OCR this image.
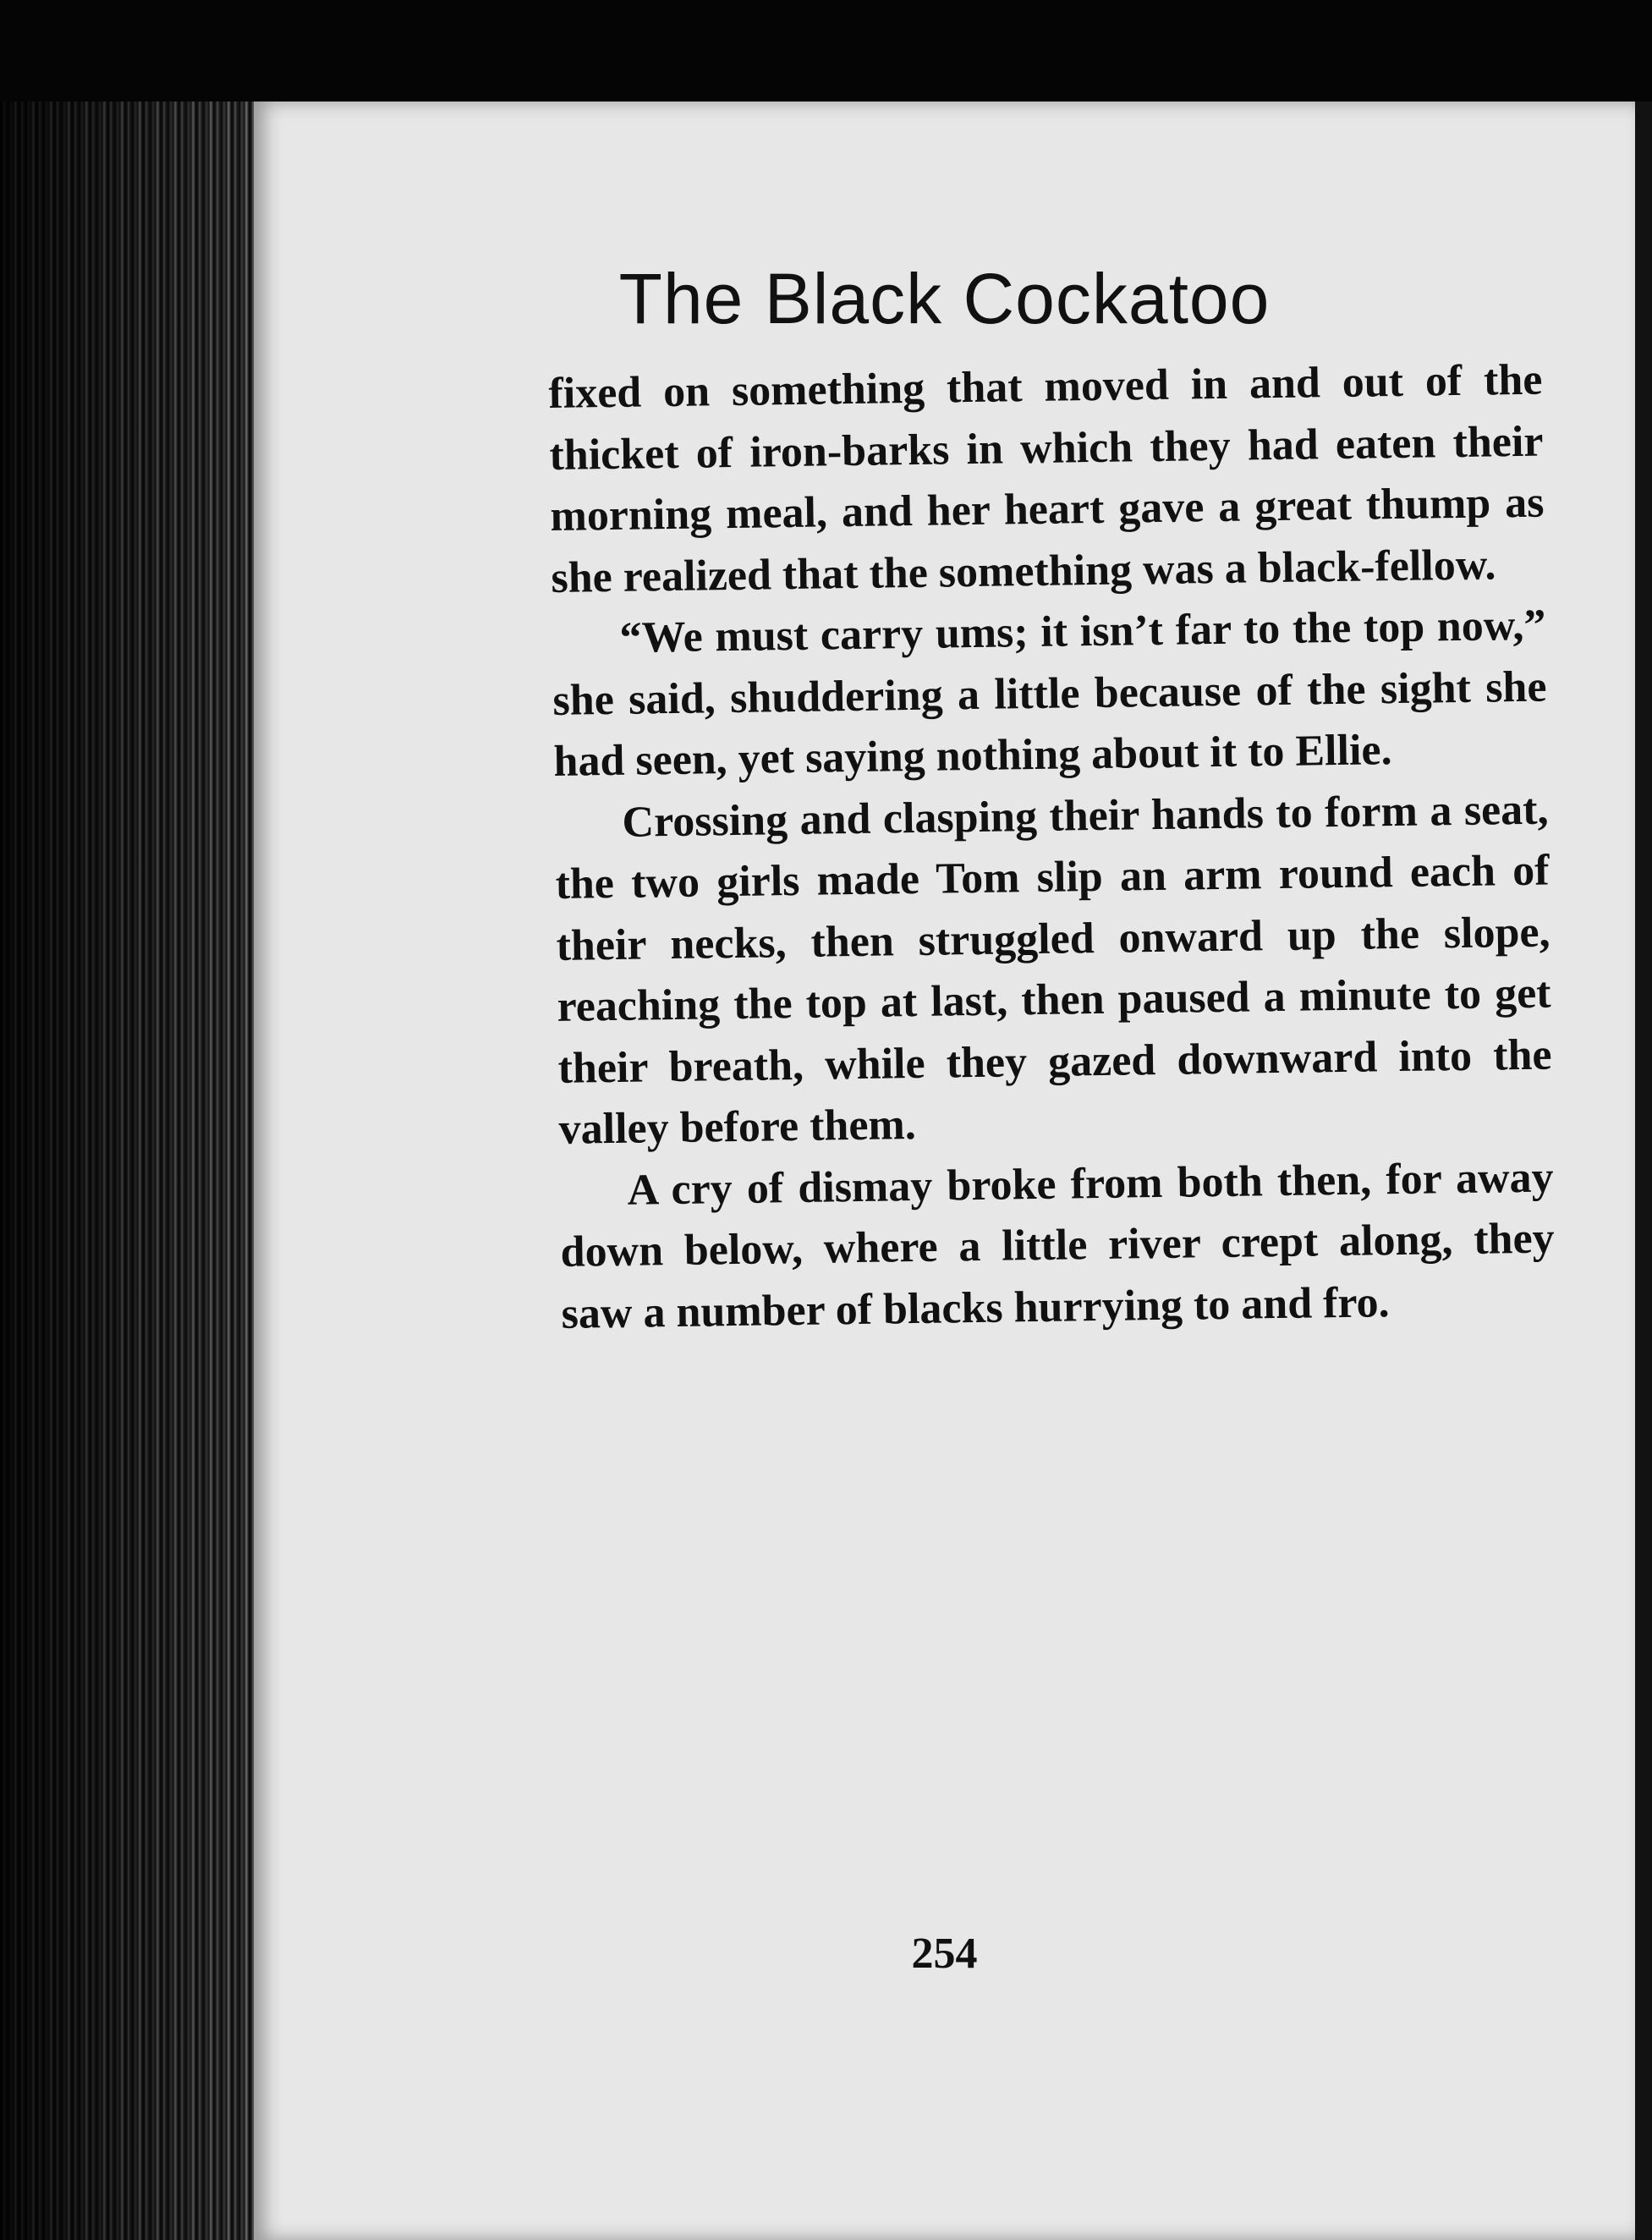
The Black Cockatoo

fixed on something that moved in and out of the thicket of iron-barks in which they had eaten their morning meal, and her heart gave a great thump as she realized that the something was a black-fellow.

“We must carry ums; it isn’t far to the top now,” she said, shuddering a little because of the sight she had seen, yet saying nothing about it to Ellie.

Crossing and clasping their hands to form a seat, the two girls made Tom slip an arm round each of their necks, then struggled onward up the slope, reaching the top at last, then paused a minute to get their breath, while they gazed downward into the valley before them.

A cry of dismay broke from both then, for away down below, where a little river crept along, they saw a number of blacks hurrying to and fro.

254
